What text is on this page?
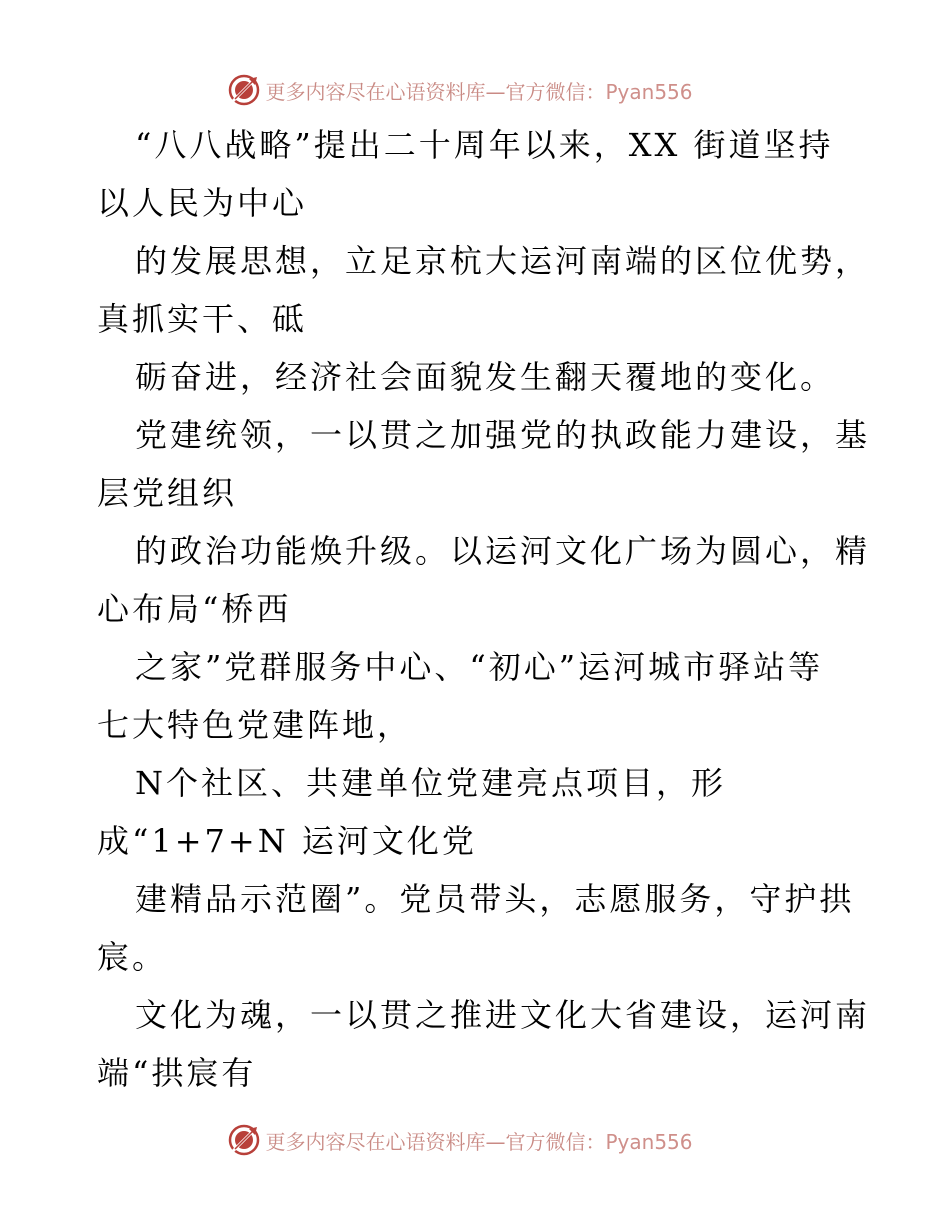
更多内容尽在心语资料库—官方微信：Pyan556
“八八战略”提出二十周年以来，XX 街道坚持
以人民为中心
的发展思想，立足京杭大运河南端的区位优势，
真抓实干、砥
砺奋进，经济社会面貌发生翻天覆地的变化。
党建统领，一以贯之加强党的执政能力建设，基
层党组织
的政治功能焕升级。以运河文化广场为圆心，精
心布局“桥西
之家”党群服务中心、“初心”运河城市驿站等
七大特色党建阵地，
N个社区、共建单位党建亮点项目，形
成“1+7+N 运河文化党
建精品示范圈”。党员带头，志愿服务，守护拱
宸。
文化为魂，一以贯之推进文化大省建设，运河南
端“拱宸有
更多内容尽在心语资料库—官方微信：Pyan556
